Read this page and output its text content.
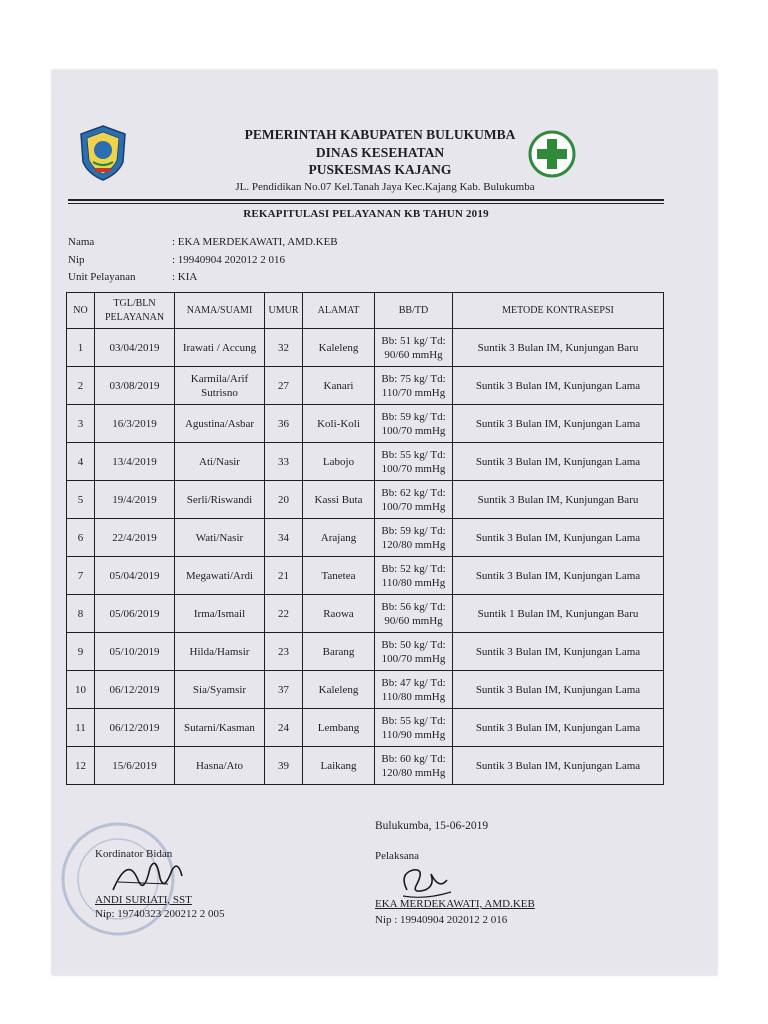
PEMERINTAH KABUPATEN BULUKUMBA
DINAS KESEHATAN
PUSKESMAS KAJANG
JL. Pendidikan No.07 Kel.Tanah Jaya Kec.Kajang Kab. Bulukumba
REKAPITULASI PELAYANAN KB TAHUN 2019
Nama	: EKA MERDEKAWATI, AMD.KEB
Nip	: 19940904 202012 2 016
Unit Pelayanan	: KIA
NO	TGL/BLN PELAYANAN	NAMA/SUAMI	UMUR	ALAMAT	BB/TD	METODE KONTRASEPSI
1	03/04/2019	Irawati / Accung	32	Kaleleng	Bb: 51 kg/ Td: 90/60 mmHg	Suntik 3 Bulan IM, Kunjungan Baru
2	03/08/2019	Karmila/Arif Sutrisno	27	Kanari	Bb: 75 kg/ Td: 110/70 mmHg	Suntik 3 Bulan IM, Kunjungan Lama
3	16/3/2019	Agustina/Asbar	36	Koli-Koli	Bb: 59 kg/ Td: 100/70 mmHg	Suntik 3 Bulan IM, Kunjungan Lama
4	13/4/2019	Ati/Nasir	33	Labojo	Bb: 55 kg/ Td: 100/70 mmHg	Suntik 3 Bulan IM, Kunjungan Lama
5	19/4/2019	Serli/Riswandi	20	Kassi Buta	Bb: 62 kg/ Td: 100/70 mmHg	Suntik 3 Bulan IM, Kunjungan Baru
6	22/4/2019	Wati/Nasir	34	Arajang	Bb: 59 kg/ Td: 120/80 mmHg	Suntik 3 Bulan IM, Kunjungan Lama
7	05/04/2019	Megawati/Ardi	21	Tanetea	Bb: 52 kg/ Td: 110/80 mmHg	Suntik 3 Bulan IM, Kunjungan Lama
8	05/06/2019	Irma/Ismail	22	Raowa	Bb: 56 kg/ Td: 90/60 mmHg	Suntik 1 Bulan IM, Kunjungan Baru
9	05/10/2019	Hilda/Hamsir	23	Barang	Bb: 50 kg/ Td: 100/70 mmHg	Suntik 3 Bulan IM, Kunjungan Lama
10	06/12/2019	Sia/Syamsir	37	Kaleleng	Bb: 47 kg/ Td: 110/80 mmHg	Suntik 3 Bulan IM, Kunjungan Lama
11	06/12/2019	Sutarni/Kasman	24	Lembang	Bb: 55 kg/ Td: 110/90 mmHg	Suntik 3 Bulan IM, Kunjungan Lama
12	15/6/2019	Hasna/Ato	39	Laikang	Bb: 60 kg/ Td: 120/80 mmHg	Suntik 3 Bulan IM, Kunjungan Lama
Bulukumba, 15-06-2019
Kordinator Bidan
ANDI SURIATI, SST
Nip: 19740323 200212 2 005
Pelaksana
EKA MERDEKAWATI, AMD.KEB
Nip : 19940904 202012 2 016
